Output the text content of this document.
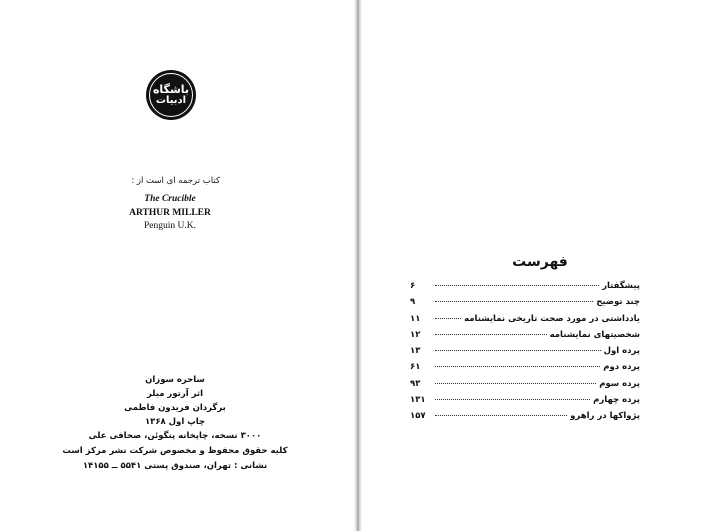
باشگاه
ادبیات
کتاب ترجمه ای است از :
The Crucible
ARTHUR MILLER
Penguin U.K.
ساحره سوزان
اثر آرتور میلر
برگردان فریدون فاطمی
چاپ اول ۱۳۶۸
۳۰۰۰ نسخه، چاپخانه پنگوئن، صحافی علی
کلیه حقوق محفوظ و مخصوص شرکت نشر مرکز است
نشانی : تهران، صندوق پستی ۵۵۴۱ ــ ۱۴۱۵۵
فهرست
پیشگفتار
۶
چند توضیح
۹
یادداشتی در مورد صحت تاریخی نمایشنامه
۱۱
شخصیتهای نمایشنامه
۱۲
پرده اول
۱۳
پرده دوم
۶۱
پرده سوم
۹۳
پرده چهارم
۱۳۱
پژواکها در راهرو
۱۵۷
